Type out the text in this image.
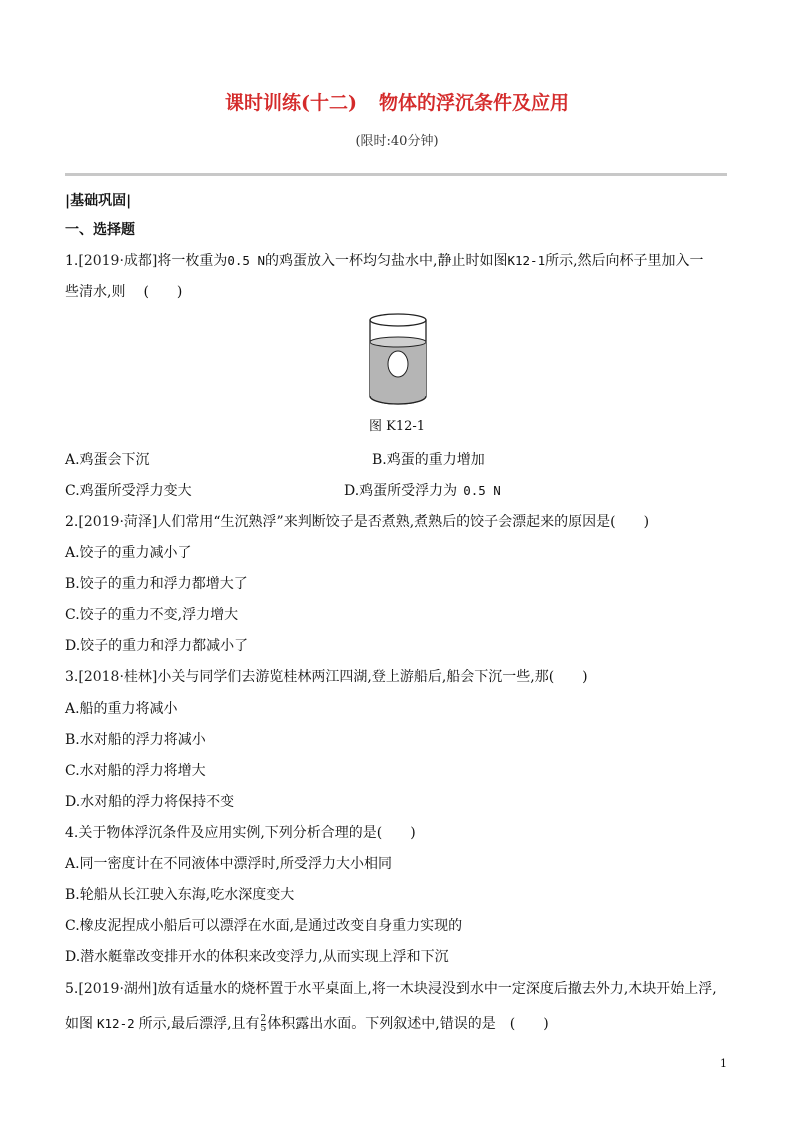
课时训练(十二) 物体的浮沉条件及应用
(限时:40分钟)
|基础巩固|
一、选择题
1.[2019·成都]将一枚重为0.5 N的鸡蛋放入一杯均匀盐水中,静止时如图K12-1所示,然后向杯子里加入一
些清水,则 (　　)
图 K12-1
A.鸡蛋会下沉	B.鸡蛋的重力增加
C.鸡蛋所受浮力变大	D.鸡蛋所受浮力为 0.5 N
2.[2019·菏泽]人们常用“生沉熟浮”来判断饺子是否煮熟,煮熟后的饺子会漂起来的原因是(　　)
A.饺子的重力减小了
B.饺子的重力和浮力都增大了
C.饺子的重力不变,浮力增大
D.饺子的重力和浮力都减小了
3.[2018·桂林]小关与同学们去游览桂林两江四湖,登上游船后,船会下沉一些,那(　　)
A.船的重力将减小
B.水对船的浮力将减小
C.水对船的浮力将增大
D.水对船的浮力将保持不变
4.关于物体浮沉条件及应用实例,下列分析合理的是(　　)
A.同一密度计在不同液体中漂浮时,所受浮力大小相同
B.轮船从长江驶入东海,吃水深度变大
C.橡皮泥捏成小船后可以漂浮在水面,是通过改变自身重力实现的
D.潜水艇靠改变排开水的体积来改变浮力,从而实现上浮和下沉
5.[2019·湖州]放有适量水的烧杯置于水平桌面上,将一木块浸没到水中一定深度后撤去外力,木块开始上浮,
如图 K12-2 所示,最后漂浮,且有 $\frac{2}{5}$ 体积露出水面。下列叙述中,错误的是 (　　)
1
